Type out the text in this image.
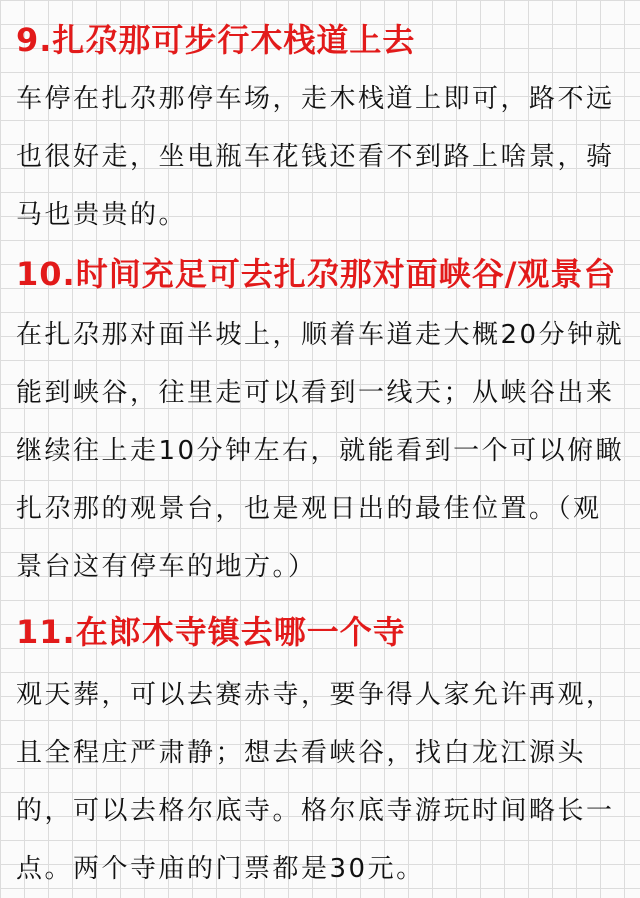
9.扎尕那可步行木栈道上去

车停在扎尕那停车场，走木栈道上即可，路不远也很好走，坐电瓶车花钱还看不到路上啥景，骑马也贵贵的。

10.时间充足可去扎尕那对面峡谷/观景台

在扎尕那对面半坡上，顺着车道走大概20分钟就能到峡谷，往里走可以看到一线天；从峡谷出来继续往上走10分钟左右，就能看到一个可以俯瞰扎尕那的观景台，也是观日出的最佳位置。（观景台这有停车的地方。）

11.在郎木寺镇去哪一个寺

观天葬，可以去赛赤寺，要争得人家允许再观，且全程庄严肃静；想去看峡谷，找白龙江源头的，可以去格尔底寺。格尔底寺游玩时间略长一点。两个寺庙的门票都是30元。
